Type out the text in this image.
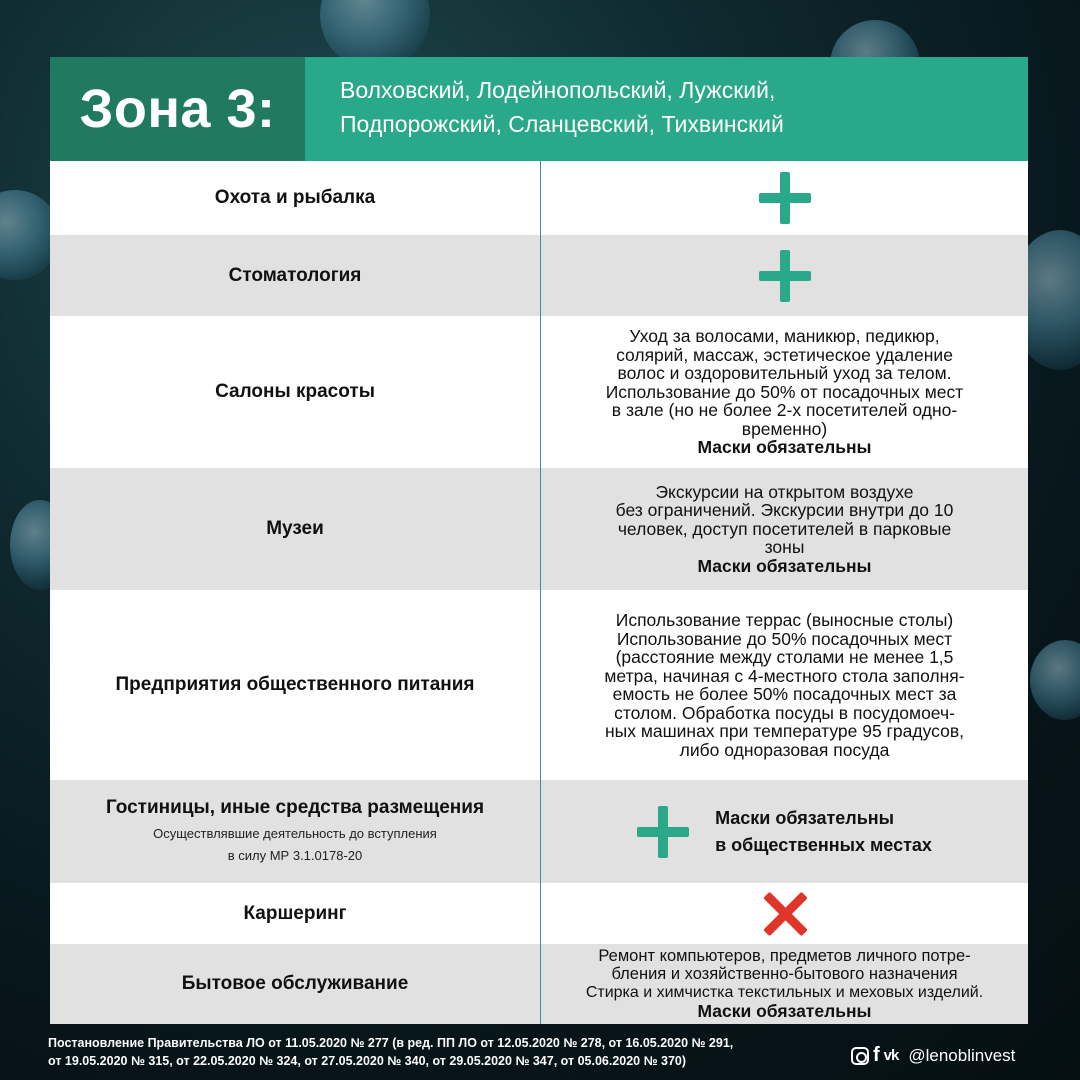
Зона 3:	Волховский, Лодейнопольский, Лужский,
Подпорожский, Сланцевский, Тихвинский
Охота и рыбалка
Стоматология
Салоны красоты
Уход за волосами, маникюр, педикюр,
солярий, массаж, эстетическое удаление
волос и оздоровительный уход за телом.
Использование до 50% от посадочных мест
в зале (но не более 2-х посетителей одно-
временно)
Маски обязательны
Музеи
Экскурсии на открытом воздухе
без ограничений. Экскурсии внутри до 10
человек, доступ посетителей в парковые
зоны
Маски обязательны
Предприятия общественного питания
Использование террас (выносные столы)
Использование до 50% посадочных мест
(расстояние между столами не менее 1,5
метра, начиная с 4-местного стола заполня-
емость не более 50% посадочных мест за
столом. Обработка посуды в посудомоеч-
ных машинах при температуре 95 градусов,
либо одноразовая посуда
Гостиницы, иные средства размещения
Осуществлявшие деятельность до вступления
в силу МР 3.1.0178-20
Маски обязательны
в общественных местах
Каршеринг
Бытовое обслуживание
Ремонт компьютеров, предметов личного потре-
бления и хозяйственно-бытового назначения
Стирка и химчистка текстильных и меховых изделий.
Маски обязательны
Постановление Правительства ЛО от 11.05.2020 № 277 (в ред. ПП ЛО от 12.05.2020 № 278, от 16.05.2020 № 291,
от 19.05.2020 № 315, от 22.05.2020 № 324, от 27.05.2020 № 340, от 29.05.2020 № 347, от 05.06.2020 № 370)	f vk @lenoblinvest
